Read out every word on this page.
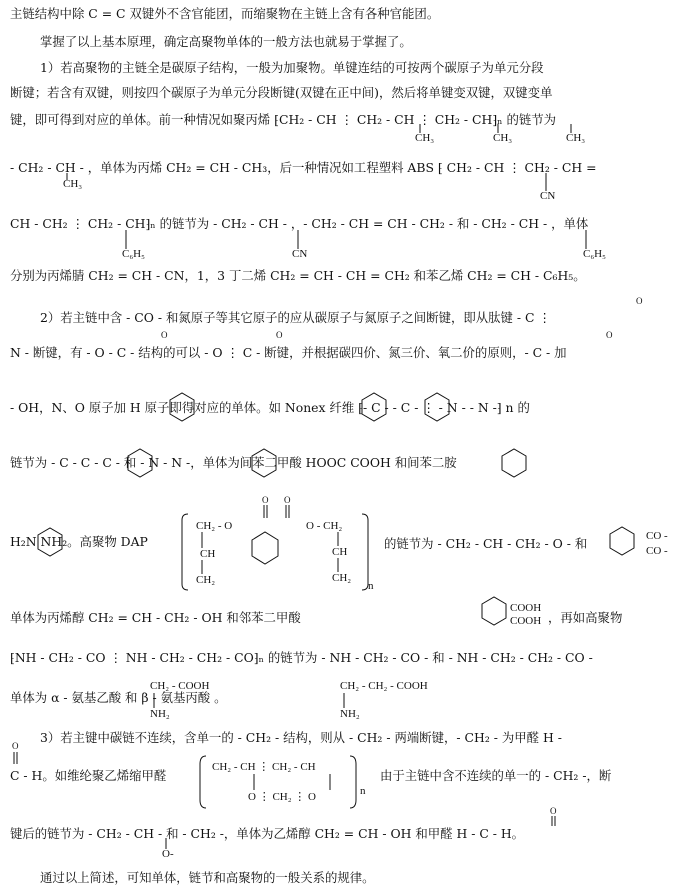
主链结构中除 C = C 双键外不含官能团，而缩聚物在主链上含有各种官能团。
掌握了以上基本原理，确定高聚物单体的一般方法也就易于掌握了。
1）若高聚物的主链全是碳原子结构，一般为加聚物。单键连结的可按两个碳原子为单元分段
断键；若含有双键，则按四个碳原子为单元分段断键(双键在正中间)，然后将单键变双键，双键变单
键，即可得到对应的单体。前一种情况如聚丙烯 ⁅CH₂ - CH ⋮ CH₂ - CH ⋮ CH₂ - CH⁆ₙ 的链节为
CH₃	CH₃	CH₃
- CH₂ - CH - ，单体为丙烯 CH₂ = CH - CH₃，后一种情况如工程塑料 ABS ⁅ CH₂ - CH ⋮ CH₂ - CH =
CH₃
CN
CH - CH₂ ⋮ CH₂ - CH⁆ₙ 的链节为 - CH₂ - CH - ，- CH₂ - CH = CH - CH₂ - 和 - CH₂ - CH - ，单体
C₆H₅	CN	C₆H₅
分别为丙烯腈 CH₂ = CH - CN，1，3 丁二烯 CH₂ = CH - CH = CH₂ 和苯乙烯 CH₂ = CH - C₆H₅。
2）若主链中含 - CO - 和氮原子等其它原子的应从碳原子与氮原子之间断键，即从肽键 - C ⋮
N - 断键，有 - O - C - 结构的可以 - O ⋮ C - 断键，并根据碳四价、氮三价、氧二价的原则，- C - 加
- OH，N、O 原子加 H 原子即得对应的单体。如 Nonex 纤维 ⁅- C - - C - ⋮ - N - - N -⁆ n 的
链节为 - C - C - C - 和 - N - N -，单体为间苯二甲酸 HOOC COOH 和间苯二胺
H₂N NH₂。高聚物 DAP
CH₂ - O
CH
CH₂
O - CH₂
CH
CH₂
n
的链节为 - CH₂ - CH - CH₂ - O - 和	CO -
CO -
单体为丙烯醇 CH₂ = CH - CH₂ - OH 和邻苯二甲酸
COOH
COOH ，再如高聚物
⁅NH - CH₂ - CO ⋮ NH - CH₂ - CH₂ - CO⁆ₙ 的链节为 - NH - CH₂ - CO - 和 - NH - CH₂ - CH₂ - CO -
单体为 α - 氨基乙酸 和 β - 氨基丙酸 。
CH₂ - COOH
NH₂
CH₂ - CH₂ - COOH
NH₂
3）若主键中碳链不连续，含单一的 - CH₂ - 结构，则从 - CH₂ - 两端断键，- CH₂ - 为甲醛 H -
C - H。如维纶聚乙烯缩甲醛
CH₂ - CH ⋮ CH₂ - CH
O ⋮ CH₂ ⋮ O	n
由于主链中含不连续的单一的 - CH₂ -，断
键后的链节为 - CH₂ - CH - 和 - CH₂ -，单体为乙烯醇 CH₂ = CH - OH 和甲醛 H - C - H。
O-
通过以上简述，可知单体，链节和高聚物的一般关系的规律。
O
O	O	O
O O
O
O
